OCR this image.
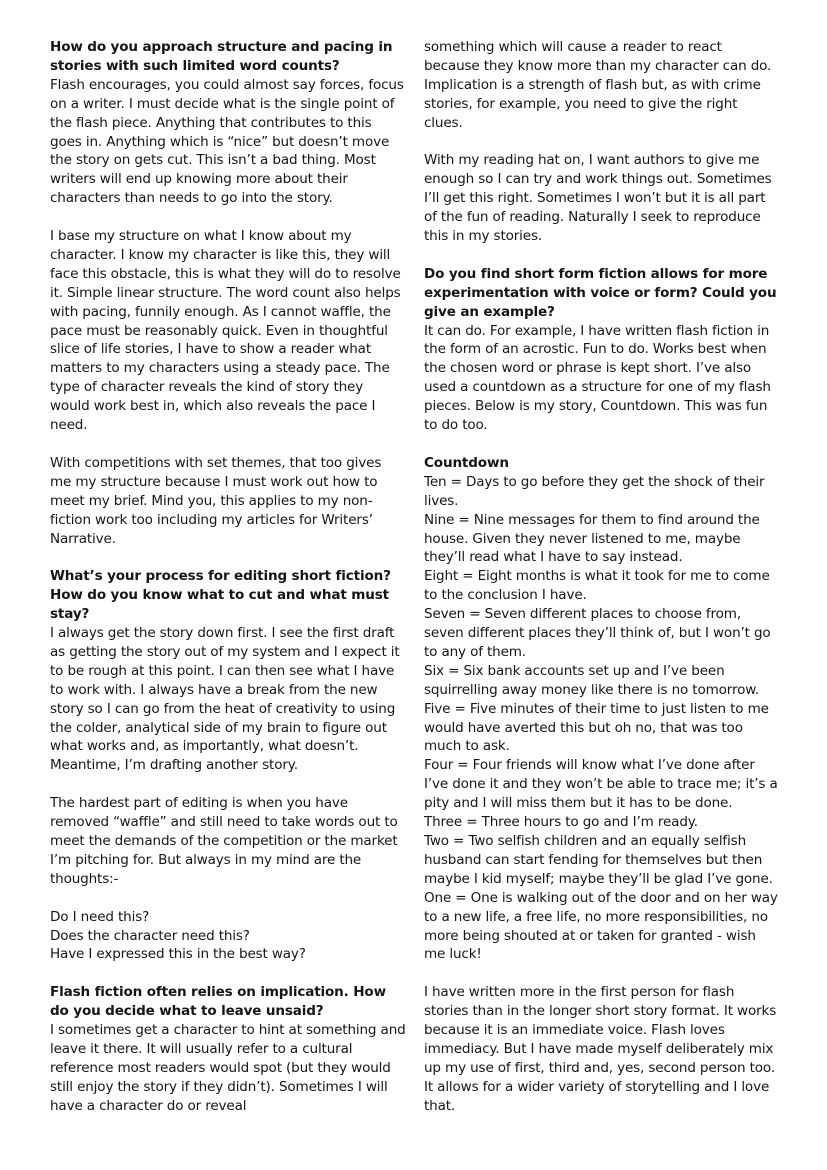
How do you approach structure and pacing in stories with such limited word counts?

Flash encourages, you could almost say forces, focus on a writer. I must decide what is the single point of the flash piece. Anything that contributes to this goes in. Anything which is “nice” but doesn’t move the story on gets cut. This isn’t a bad thing. Most writers will end up knowing more about their characters than needs to go into the story.

I base my structure on what I know about my character. I know my character is like this, they will face this obstacle, this is what they will do to resolve it. Simple linear structure. The word count also helps with pacing, funnily enough. As I cannot waffle, the pace must be reasonably quick. Even in thoughtful slice of life stories, I have to show a reader what matters to my characters using a steady pace. The type of character reveals the kind of story they would work best in, which also reveals the pace I need.

With competitions with set themes, that too gives me my structure because I must work out how to meet my brief. Mind you, this applies to my non-fiction work too including my articles for Writers’ Narrative.

What’s your process for editing short fiction? How do you know what to cut and what must stay?

I always get the story down first. I see the first draft as getting the story out of my system and I expect it to be rough at this point. I can then see what I have to work with. I always have a break from the new story so I can go from the heat of creativity to using the colder, analytical side of my brain to figure out what works and, as importantly, what doesn’t. Meantime, I’m drafting another story.

The hardest part of editing is when you have removed “waffle” and still need to take words out to meet the demands of the competition or the market I’m pitching for. But always in my mind are the thoughts:-

Do I need this?
Does the character need this?
Have I expressed this in the best way?

Flash fiction often relies on implication. How do you decide what to leave unsaid?

I sometimes get a character to hint at something and leave it there. It will usually refer to a cultural reference most readers would spot (but they would still enjoy the story if they didn’t). Sometimes I will have a character do or reveal

something which will cause a reader to react because they know more than my character can do. Implication is a strength of flash but, as with crime stories, for example, you need to give the right clues.

With my reading hat on, I want authors to give me enough so I can try and work things out. Sometimes I’ll get this right. Sometimes I won’t but it is all part of the fun of reading. Naturally I seek to reproduce this in my stories.

Do you find short form fiction allows for more experimentation with voice or form? Could you give an example?

It can do. For example, I have written flash fiction in the form of an acrostic. Fun to do. Works best when the chosen word or phrase is kept short. I’ve also used a countdown as a structure for one of my flash pieces. Below is my story, Countdown. This was fun to do too.

Countdown

Ten = Days to go before they get the shock of their lives.
Nine = Nine messages for them to find around the house. Given they never listened to me, maybe they’ll read what I have to say instead.
Eight = Eight months is what it took for me to come to the conclusion I have.
Seven = Seven different places to choose from, seven different places they’ll think of, but I won’t go to any of them.
Six = Six bank accounts set up and I’ve been squirrelling away money like there is no tomorrow.
Five = Five minutes of their time to just listen to me would have averted this but oh no, that was too much to ask.
Four = Four friends will know what I’ve done after I’ve done it and they won’t be able to trace me; it’s a pity and I will miss them but it has to be done.
Three = Three hours to go and I’m ready.
Two = Two selfish children and an equally selfish husband can start fending for themselves but then maybe I kid myself; maybe they’ll be glad I’ve gone.
One = One is walking out of the door and on her way to a new life, a free life, no more responsibilities, no more being shouted at or taken for granted - wish me luck!

I have written more in the first person for flash stories than in the longer short story format. It works because it is an immediate voice. Flash loves immediacy. But I have made myself deliberately mix up my use of first, third and, yes, second person too. It allows for a wider variety of storytelling and I love that.
